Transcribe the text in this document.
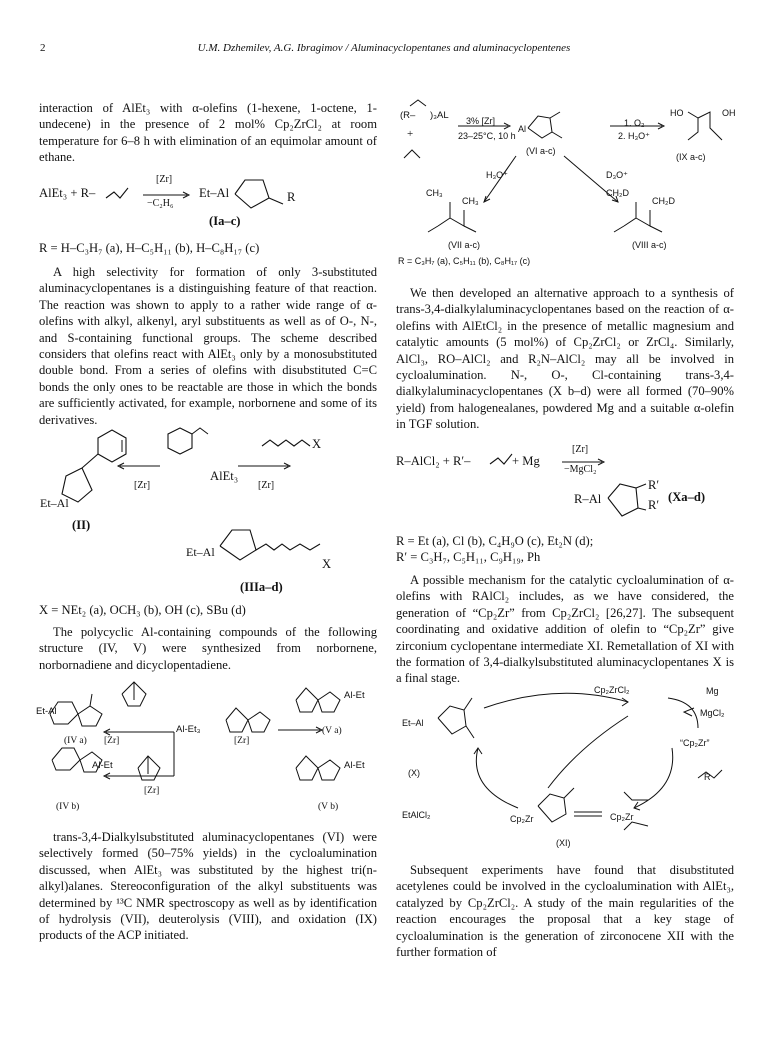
2	U.M. Dzhemilev, A.G. Ibragimov / Aluminacyclopentanes and aluminacyclopentenes

interaction of AlEt₃ with α-olefins (1-hexene, 1-octene, 1-undecene) in the presence of 2 mol% Cp₂ZrCl₂ at room temperature for 6–8 h with elimination of an equimolar amount of ethane.

AlEt₃ + R–
[Zr]
−C₂H₆
Et–Al	R
(Ia–c)

R = H–C₃H₇ (a), H–C₅H₁₁ (b), H–C₈H₁₇ (c)

A high selectivity for formation of only 3-substituted aluminacyclopentanes is a distinguishing feature of that reaction. The reaction was shown to apply to a rather wide range of α-olefins with alkyl, alkenyl, aryl substituents as well as of O-, N-, and S-containing functional groups. The scheme described considers that olefins react with AlEt₃ only by a monosubstituted double bond. From a series of olefins with disubstituted C=C bonds the only ones to be reactable are those in which the bonds are sufficiently activated, for example, norbornene and some of its derivatives.

AlEt₃
[Zr]	[Zr]
X
Et–Al
(II)
Et–Al
X
(IIIa–d)

X = NEt₂ (a), OCH₃ (b), OH (c), SBu (d)

The polycyclic Al-containing compounds of the following structure (IV, V) were synthesized from norbornene, norbornadiene and dicyclopentadiene.

Et-Al
(IV a) [Zr]
Al-Et₃
[Zr]
Al-Et
(V a)
Al-Et
[Zr]
(IV b)
Al-Et
(V b)

trans-3,4-Dialkylsubstituted aluminacyclopentanes (VI) were selectively formed (50–75% yields) in the cycloalumination discussed, when AlEt₃ was substituted by the highest tri(n-alkyl)alanes. Stereoconfiguration of the alkyl substituents was determined by ¹³C NMR spectroscopy as well as by identification of hydrolysis (VII), deuterolysis (VIII), and oxidation (IX) products of the ACP initiated.

(R– )₃AL
+
3% [Zr]
23–25°C, 10 h
(VI a-c)
Al
1. O₂
2. H₃O⁺
HO	OH
(IX a-c)
H₃O⁺	D₃O⁺
CH₃
CH₃
CH₂D
CH₂D
(VII a-c)	(VIII a-c)
R = C₃H₇ (a), C₅H₁₁ (b), C₈H₁₇ (c)

We then developed an alternative approach to a synthesis of trans-3,4-dialkylaluminacyclopentanes based on the reaction of α-olefins with AlEtCl₂ in the presence of metallic magnesium and catalytic amounts (5 mol%) of Cp₂ZrCl₂ or ZrCl₄. Similarly, AlCl₃, RO–AlCl₂ and R₂N–AlCl₂ may all be involved in cycloalumination. N-, O-, Cl-containing trans-3,4-dialkylaluminacyclopentanes (X b–d) were all formed (70–90% yield) from halogenealanes, powdered Mg and a suitable α-olefin in TGF solution.

R–AlCl₂ + R′–	+ Mg
[Zr]
−MgCl₂
R–Al
R′
R′
(Xa–d)

R = Et (a), Cl (b), C₄H₉O (c), Et₂N (d);

R′ = C₃H₇, C₅H₁₁, C₉H₁₉, Ph

A possible mechanism for the catalytic cycloalumination of α-olefins with RAlCl₂ includes, as we have considered, the generation of “Cp₂Zr” from Cp₂ZrCl₂ [26,27]. The subsequent coordinating and oxidative addition of olefin to “Cp₂Zr” give zirconium cyclopentane intermediate XI. Remetallation of XI with the formation of 3,4-dialkylsubstituted aluminacyclopentanes X is a final stage.

Cp₂ZrCl₂	Mg
MgCl₂
“Cp₂Zr”
Et–Al
(X)
EtAlCl₂	Cp₂Zr	Cp₂Zr
(XI)
R

Subsequent experiments have found that disubstituted acetylenes could be involved in the cycloalumination with AlEt₃, catalyzed by Cp₂ZrCl₂. A study of the main regularities of the reaction encourages the proposal that a key stage of cycloalumination is the generation of zirconocene XII with the further formation of
